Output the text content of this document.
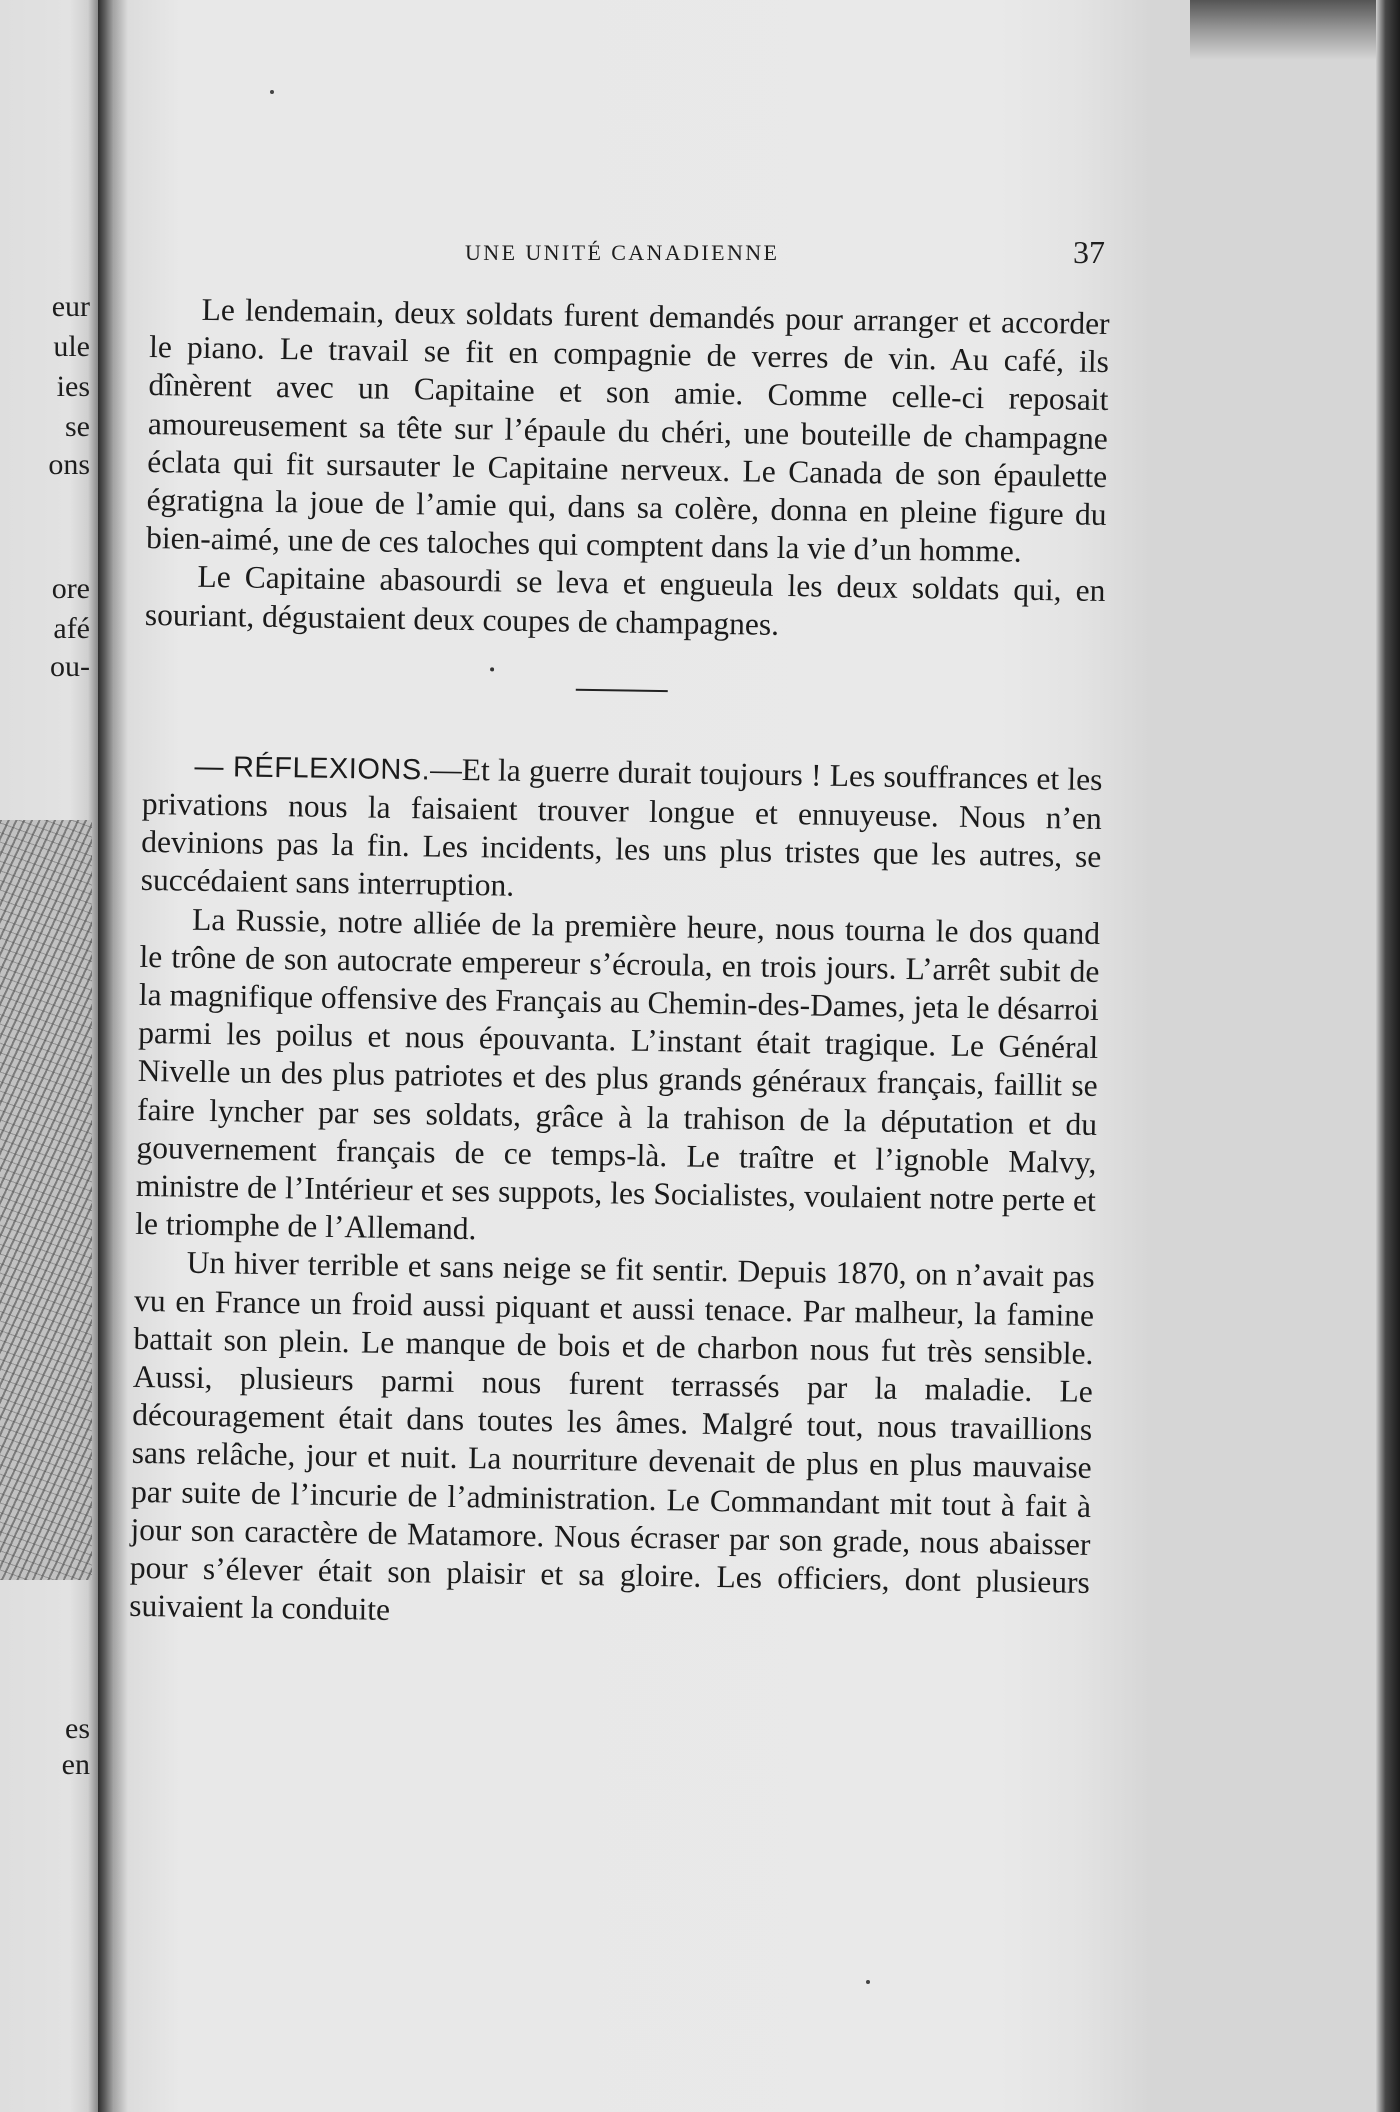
eur
ule
ies
se
ons
ore
afé
ou-
es
en
UNE UNITÉ CANADIENNE	37

Le lendemain, deux soldats furent demandés pour arranger et accorder le piano. Le travail se fit en compagnie de verres de vin. Au café, ils dînèrent avec un Capitaine et son amie. Comme celle-ci reposait amoureusement sa tête sur l’épaule du chéri, une bouteille de champagne éclata qui fit sursauter le Capitaine nerveux. Le Canada de son épaulette égratigna la joue de l’amie qui, dans sa colère, donna en pleine figure du bien-aimé, une de ces taloches qui comptent dans la vie d’un homme.

Le Capitaine abasourdi se leva et engueula les deux soldats qui, en souriant, dégustaient deux coupes de champagnes.

— RÉFLEXIONS.—Et la guerre durait toujours ! Les souffrances et les privations nous la faisaient trouver longue et ennuyeuse. Nous n’en devinions pas la fin. Les incidents, les uns plus tristes que les autres, se succédaient sans interruption.

La Russie, notre alliée de la première heure, nous tourna le dos quand le trône de son autocrate empereur s’écroula, en trois jours. L’arrêt subit de la magnifique offensive des Français au Chemin-des-Dames, jeta le désarroi parmi les poilus et nous épouvanta. L’instant était tragique. Le Général Nivelle un des plus patriotes et des plus grands généraux français, faillit se faire lyncher par ses soldats, grâce à la trahison de la députation et du gouvernement français de ce temps-là. Le traître et l’ignoble Malvy, ministre de l’Intérieur et ses suppots, les Socialistes, voulaient notre perte et le triomphe de l’Allemand.

Un hiver terrible et sans neige se fit sentir. Depuis 1870, on n’avait pas vu en France un froid aussi piquant et aussi tenace. Par malheur, la famine battait son plein. Le manque de bois et de charbon nous fut très sensible. Aussi, plusieurs parmi nous furent terrassés par la maladie. Le découragement était dans toutes les âmes. Malgré tout, nous travaillions sans relâche, jour et nuit. La nourriture devenait de plus en plus mauvaise par suite de l’incurie de l’administration. Le Commandant mit tout à fait à jour son caractère de Matamore. Nous écraser par son grade, nous abaisser pour s’élever était son plaisir et sa gloire. Les officiers, dont plusieurs suivaient la conduite
